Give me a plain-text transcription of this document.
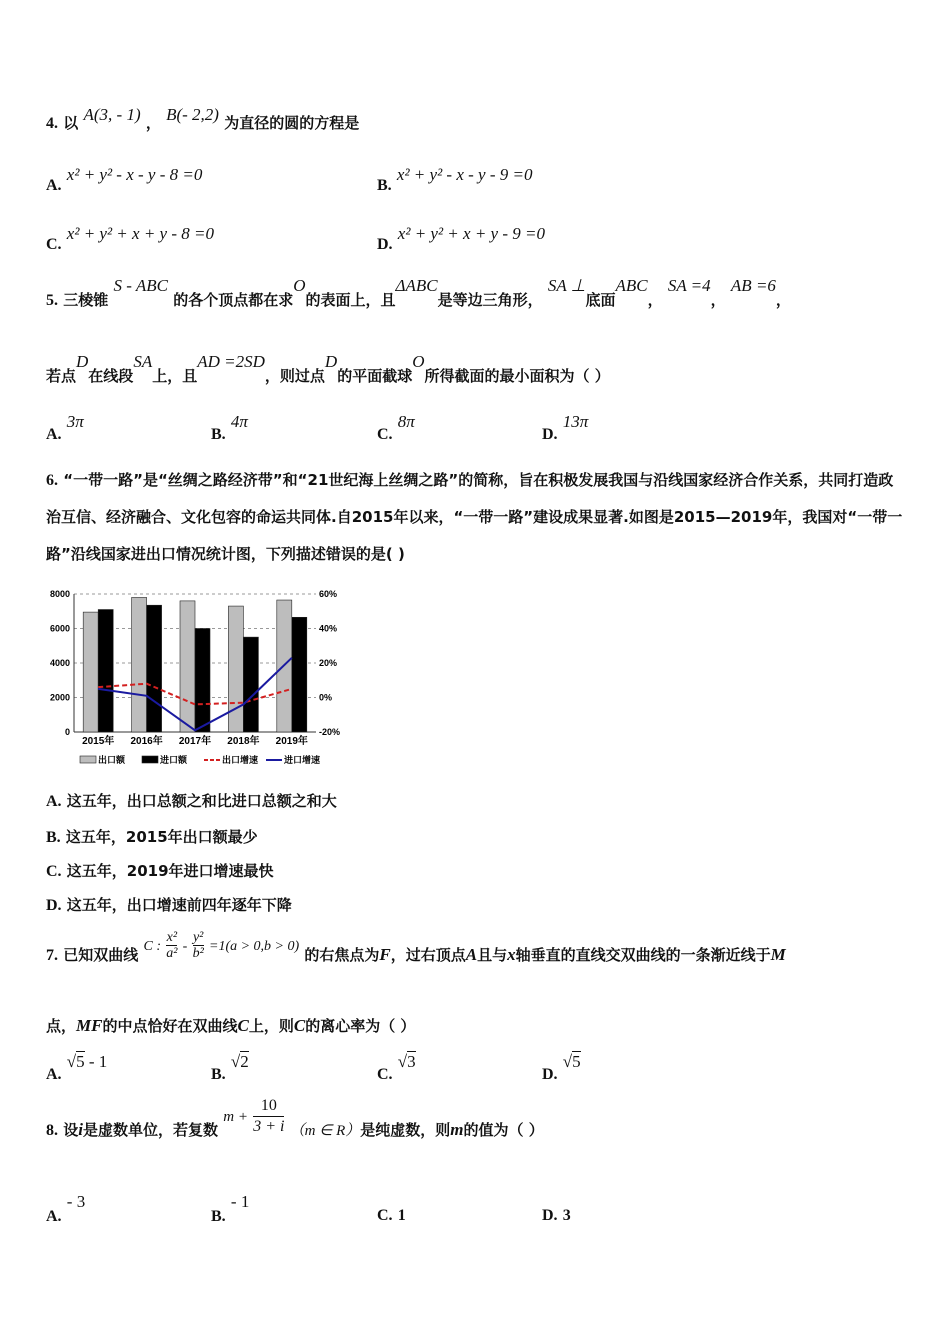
4. 以 A(3, - 1) ， B(- 2,2) 为直径的圆的方程是
A. x² + y² - x - y - 8 =0
B. x² + y² - x - y - 9 =0
C. x² + y² + x + y - 8 =0
D. x² + y² + x + y - 9 =0
5. 三棱锥 S - ABC 的各个顶点都在求O的表面上，且ΔABC是等边三角形， SA ⊥底面ABC， SA =4， AB =6，
若点D在线段SA上，且AD =2SD，则过点D的平面截球O所得截面的最小面积为（ ）
A. 3π
B. 4π
C. 8π
D. 13π
6. “一带一路”是“丝绸之路经济带”和“21世纪海上丝绸之路”的简称，旨在积极发展我国与沿线国家经济合作关系，共同打造政治互信、经济融合、文化包容的命运共同体.自2015年以来，“一带一路”建设成果显著.如图是2015—2019年，我国对“一带一路”沿线国家进出口情况统计图，下列描述错误的是( )
8000	60%
6000	40%
4000	20%
2000	0%
0	-20%
2015年 2016年 2017年 2018年 2019年
出口额	进口额	出口增速	进口增速
A. 这五年，出口总额之和比进口总额之和大
B. 这五年，2015年出口额最少
C. 这五年，2019年进口增速最快
D. 这五年，出口增速前四年逐年下降
7. 已知双曲线 C : $\frac{\text{x²}}{\text{a²}} - \frac{\text{y²}}{\text{b²}} =1(a > 0,b > 0)$ 的右焦点为F，过右顶点A且与x轴垂直的直线交双曲线的一条渐近线于M
点，MF的中点恰好在双曲线C上，则C的离心率为（ ）
A. √5 - 1
B. √2
C. √3
D. √5
8. 设i是虚数单位，若复数 $m + \frac{10}{3 + i} (m$ ∈ R）是纯虚数，则m的值为（ ）
A. - 3
B. - 1
C. 1	D. 3
